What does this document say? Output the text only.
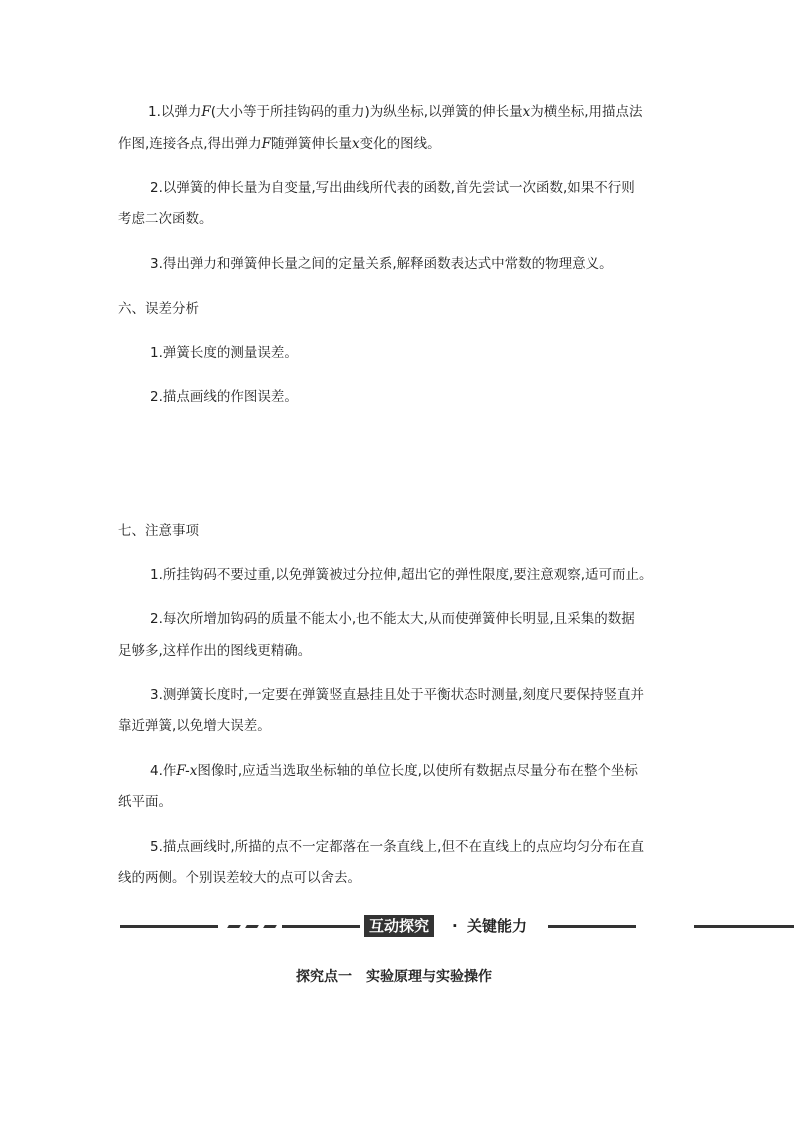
1.以弹力F(大小等于所挂钩码的重力)为纵坐标,以弹簧的伸长量x为横坐标,用描点法
作图,连接各点,得出弹力F随弹簧伸长量x变化的图线。
2.以弹簧的伸长量为自变量,写出曲线所代表的函数,首先尝试一次函数,如果不行则
考虑二次函数。
3.得出弹力和弹簧伸长量之间的定量关系,解释函数表达式中常数的物理意义。
六、误差分析
1.弹簧长度的测量误差。
2.描点画线的作图误差。
七、注意事项
1.所挂钩码不要过重,以免弹簧被过分拉伸,超出它的弹性限度,要注意观察,适可而止。
2.每次所增加钩码的质量不能太小,也不能太大,从而使弹簧伸长明显,且采集的数据
足够多,这样作出的图线更精确。
3.测弹簧长度时,一定要在弹簧竖直悬挂且处于平衡状态时测量,刻度尺要保持竖直并
靠近弹簧,以免增大误差。
4.作F-x图像时,应适当选取坐标轴的单位长度,以使所有数据点尽量分布在整个坐标
纸平面。
5.描点画线时,所描的点不一定都落在一条直线上,但不在直线上的点应均匀分布在直
线的两侧。个别误差较大的点可以舍去。
互动探究	· 关键能力
探究点一　实验原理与实验操作
